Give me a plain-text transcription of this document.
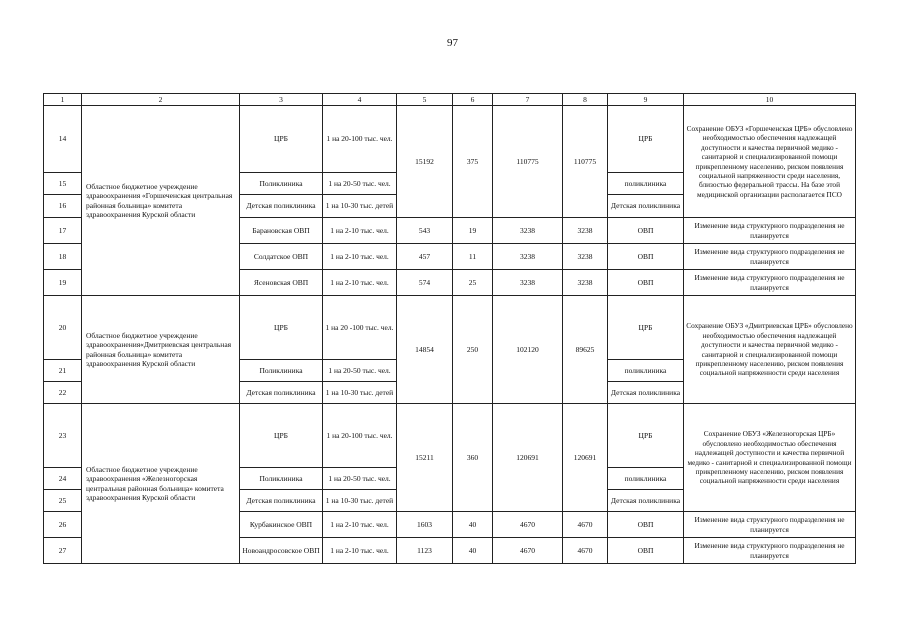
97
1	2	3	4	5	6	7	8	9	10
14	Областное бюджетное учреждение здравоохранения «Горшеченская центральная районная больница» комитета здравоохранения Курской области	ЦРБ	1 на 20-100 тыс. чел.	15192	375	110775	110775	ЦРБ	Сохранение ОБУЗ «Горшеченская ЦРБ» обусловлено необходимостью обеспечения надлежащей доступности и качества первичной медико - санитарной и специализированной помощи прикрепленному населению, риском появления социальной напряженности среди населения, близостью федеральной трассы. На базе этой медицинской организации располагается ПСО
15		Поликлиника	1 на 20-50 тыс. чел.					поликлиника	
16		Детская поликлиника	1 на 10-30 тыс. детей					Детская поликлиника	
17		Барановская ОВП	1 на 2-10 тыс. чел.	543	19	3238	3238	ОВП	Изменение вида структурного подразделения не планируется
18		Солдатское ОВП	1 на 2-10 тыс. чел.	457	11	3238	3238	ОВП	Изменение вида структурного подразделения не планируется
19		Ясеновская ОВП	1 на 2-10 тыс. чел.	574	25	3238	3238	ОВП	Изменение вида структурного подразделения не планируется
20	Областное бюджетное учреждение здравоохранения«Дмитриевская центральная районная больница» комитета здравоохранения Курской области	ЦРБ	1 на 20 -100 тыс. чел.	14854	250	102120	89625	ЦРБ	Сохранение ОБУЗ «Дмитриевская ЦРБ» обусловлено необходимостью обеспечения надлежащей доступности и качества первичной медико - санитарной и специализированной помощи прикрепленному населению, риском появления социальной напряженности среди населения
21		Поликлиника	1 на 20-50 тыс. чел.					поликлиника	
22		Детская поликлиника	1 на 10-30 тыс. детей					Детская поликлиника	
23	Областное бюджетное учреждение здравоохранения «Железногорская центральная районная больница» комитета здравоохранения Курской области	ЦРБ	1 на 20-100 тыс. чел.	15211	360	120691	120691	ЦРБ	Сохранение ОБУЗ «Железногорская ЦРБ» обусловлено необходимостью обеспечения надлежащей доступности и качества первичной медико - санитарной и специализированной помощи прикрепленному населению, риском появления социальной напряженности среди населения
24		Поликлиника	1 на 20-50 тыс. чел.					поликлиника	
25		Детская поликлиника	1 на 10-30 тыс. детей					Детская поликлиника	
26		Курбакинское ОВП	1 на 2-10 тыс. чел.	1603	40	4670	4670	ОВП	Изменение вида структурного подразделения не планируется
27		Новоандросовское ОВП	1 на 2-10 тыс. чел.	1123	40	4670	4670	ОВП	Изменение вида структурного подразделения не планируется
